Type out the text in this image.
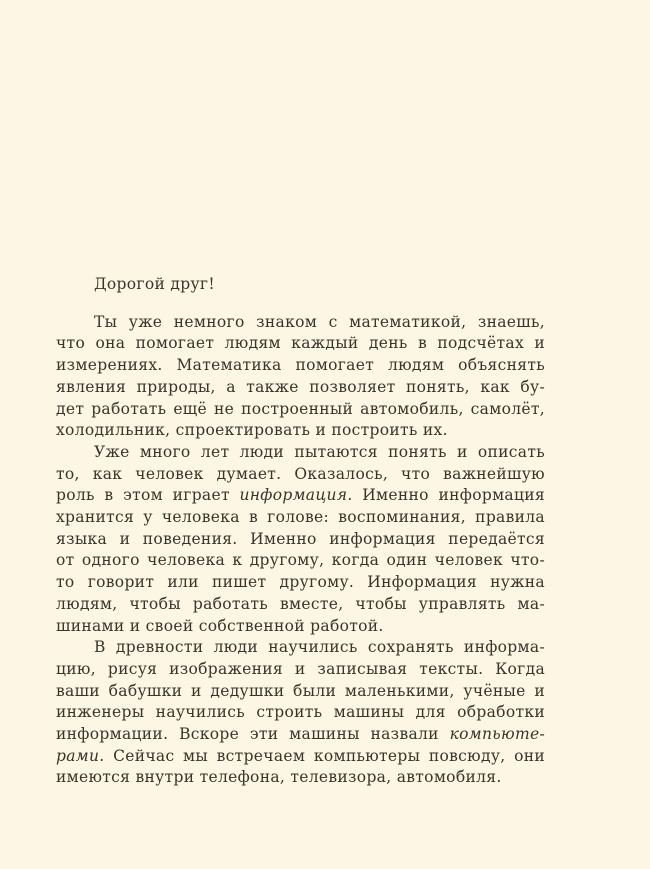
Дорогой друг!
Ты уже немного знаком с математикой, знаешь,
что она помогает людям каждый день в подсчётах и
измерениях. Математика помогает людям объяснять
явления природы, а также позволяет понять, как бу-
дет работать ещё не построенный автомобиль, самолёт,
холодильник, спроектировать и построить их.
Уже много лет люди пытаются понять и описать
то, как человек думает. Оказалось, что важнейшую
роль в этом играет информация. Именно информация
хранится у человека в голове: воспоминания, правила
языка и поведения. Именно информация передаётся
от одного человека к другому, когда один человек что-
то говорит или пишет другому. Информация нужна
людям, чтобы работать вместе, чтобы управлять ма-
шинами и своей собственной работой.
В древности люди научились сохранять информа-
цию, рисуя изображения и записывая тексты. Когда
ваши бабушки и дедушки были маленькими, учёные и
инженеры научились строить машины для обработки
информации. Вскоре эти машины назвали компьюте-
рами. Сейчас мы встречаем компьютеры повсюду, они
имеются внутри телефона, телевизора, автомобиля.
